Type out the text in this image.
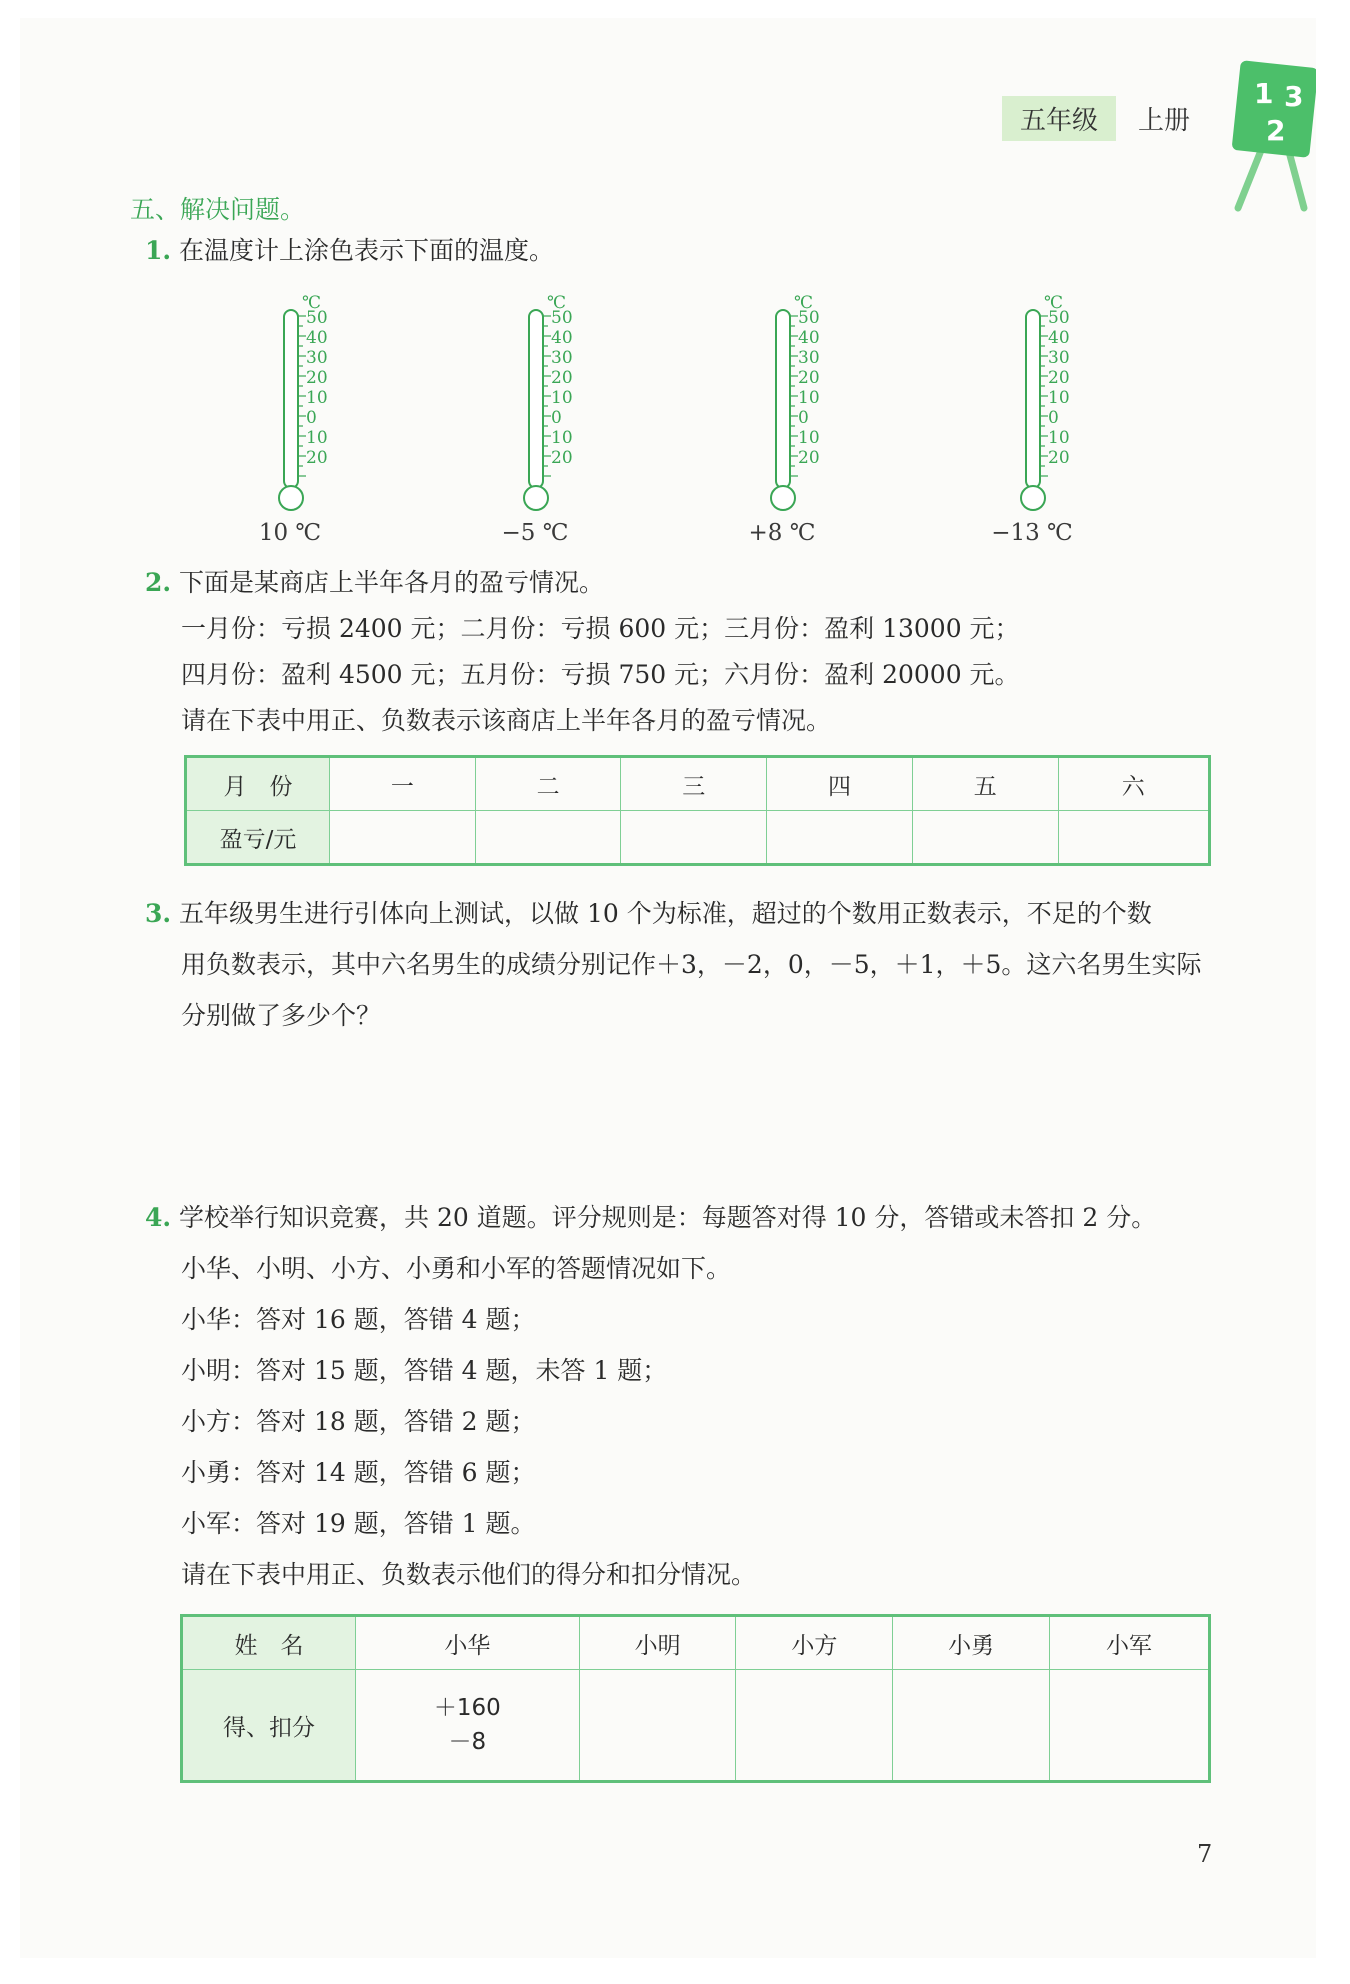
五年级	上册
1 3
2
五、解决问题。
1. 在温度计上涂色表示下面的温度。
℃
50
40
30
20
10
0
10
20
10 ℃
℃
50
40
30
20
10
0
10
20
−5 ℃
℃
50
40
30
20
10
0
10
20
+8 ℃
℃
50
40
30
20
10
0
10
20
−13 ℃
2. 下面是某商店上半年各月的盈亏情况。
一月份：亏损 2400 元；二月份：亏损 600 元；三月份：盈利 13000 元；
四月份：盈利 4500 元；五月份：亏损 750 元；六月份：盈利 20000 元。
请在下表中用正、负数表示该商店上半年各月的盈亏情况。
月　份	一	二	三	四	五	六
盈亏/元						
3. 五年级男生进行引体向上测试，以做 10 个为标准，超过的个数用正数表示，不足的个数
用负数表示，其中六名男生的成绩分别记作＋3，－2，0，－5，＋1，＋5。这六名男生实际
分别做了多少个？
4. 学校举行知识竞赛，共 20 道题。评分规则是：每题答对得 10 分，答错或未答扣 2 分。
小华、小明、小方、小勇和小军的答题情况如下。
小华：答对 16 题，答错 4 题；
小明：答对 15 题，答错 4 题，未答 1 题；
小方：答对 18 题，答错 2 题；
小勇：答对 14 题，答错 6 题；
小军：答对 19 题，答错 1 题。
请在下表中用正、负数表示他们的得分和扣分情况。
姓　名	小华	小明	小方	小勇	小军
得、扣分	＋160
－8				

7
